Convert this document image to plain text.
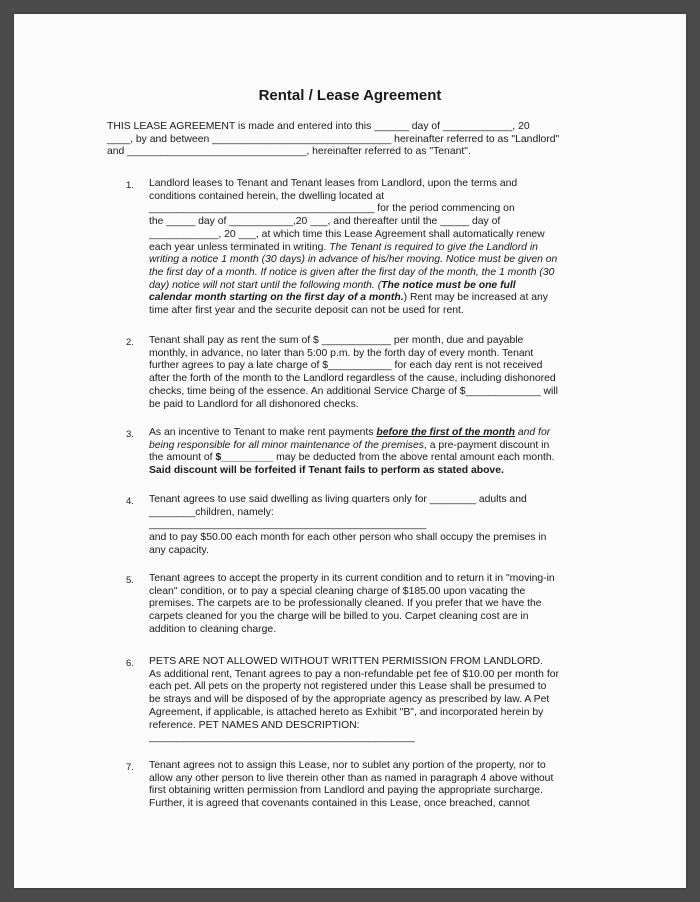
Rental / Lease Agreement
THIS LEASE AGREEMENT is made and entered into this ______ day of ____________, 20
____, by and between _______________________________ hereinafter referred to as "Landlord"
and _______________________________, hereinafter referred to as "Tenant".
1. Landlord leases to Tenant and Tenant leases from Landlord, upon the terms and
conditions contained herein, the dwelling located at
_______________________________________ for the period commencing on
the _____ day of ___________,20 ___, and thereafter until the _____ day of
____________, 20 ___, at which time this Lease Agreement shall automatically renew
each year unless terminated in writing. The Tenant is required to give the Landlord in
writing a notice 1 month (30 days) in advance of his/her moving. Notice must be given on
the first day of a month. If notice is given after the first day of the month, the 1 month (30
day) notice will not start until the following month. (The notice must be one full
calendar month starting on the first day of a month.) Rent may be increased at any
time after first year and the securite deposit can not be used for rent.
2. Tenant shall pay as rent the sum of $ ____________ per month, due and payable
monthly, in advance, no later than 5:00 p.m. by the forth day of every month. Tenant
further agrees to pay a late charge of $___________ for each day rent is not received
after the forth of the month to the Landlord regardless of the cause, including dishonored
checks, time being of the essence. An additional Service Charge of $_____________ will
be paid to Landlord for all dishonored checks.
3. As an incentive to Tenant to make rent payments before the first of the month and for
being responsible for all minor maintenance of the premises, a pre-payment discount in
the amount of $_________ may be deducted from the above rental amount each month.
Said discount will be forfeited if Tenant fails to perform as stated above.
4. Tenant agrees to use said dwelling as living quarters only for ________ adults and
________children, namely:
________________________________________________
and to pay $50.00 each month for each other person who shall occupy the premises in
any capacity.
5. Tenant agrees to accept the property in its current condition and to return it in "moving-in
clean" condition, or to pay a special cleaning charge of $185.00 upon vacating the
premises. The carpets are to be professionally cleaned. If you prefer that we have the
carpets cleaned for you the charge will be billed to you. Carpet cleaning cost are in
addition to cleaning charge.
6. PETS ARE NOT ALLOWED WITHOUT WRITTEN PERMISSION FROM LANDLORD.
As additional rent, Tenant agrees to pay a non-refundable pet fee of $10.00 per month for
each pet. All pets on the property not registered under this Lease shall be presumed to
be strays and will be disposed of by the appropriate agency as prescribed by law. A Pet
Agreement, if applicable, is attached hereto as Exhibit "B", and incorporated herein by
reference. PET NAMES AND DESCRIPTION:
______________________________________________
7. Tenant agrees not to assign this Lease, nor to sublet any portion of the property, nor to
allow any other person to live therein other than as named in paragraph 4 above without
first obtaining written permission from Landlord and paying the appropriate surcharge.
Further, it is agreed that covenants contained in this Lease, once breached, cannot
